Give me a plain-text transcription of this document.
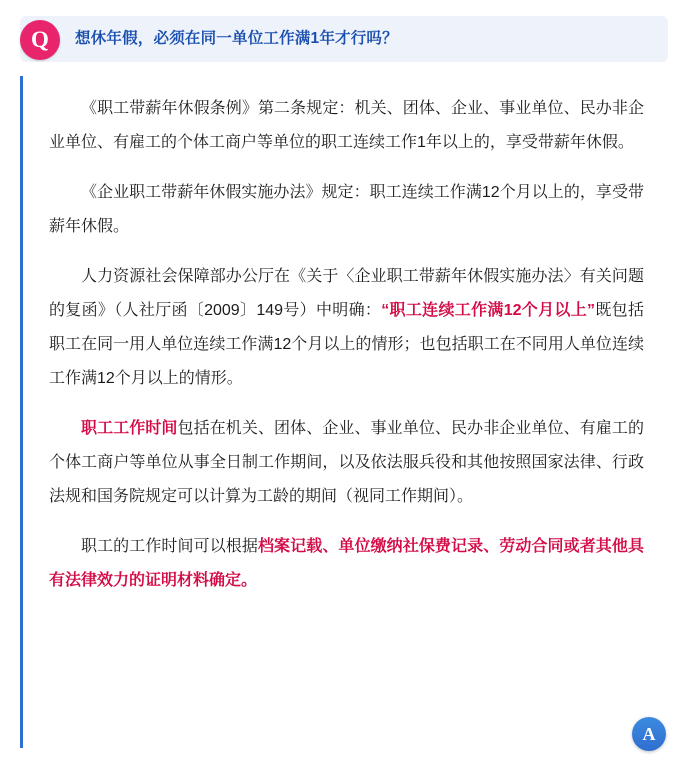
Q	想休年假，必须在同一单位工作满1年才行吗？

《职工带薪年休假条例》第二条规定：机关、团体、企业、事业单位、民办非企业单位、有雇工的个体工商户等单位的职工连续工作1年以上的，享受带薪年休假。

《企业职工带薪年休假实施办法》规定：职工连续工作满12个月以上的，享受带薪年休假。

人力资源社会保障部办公厅在《关于〈企业职工带薪年休假实施办法〉有关问题的复函》（人社厅函〔2009〕149号）中明确：“职工连续工作满12个月以上”既包括职工在同一用人单位连续工作满12个月以上的情形；也包括职工在不同用人单位连续工作满12个月以上的情形。

职工工作时间包括在机关、团体、企业、事业单位、民办非企业单位、有雇工的个体工商户等单位从事全日制工作期间，以及依法服兵役和其他按照国家法律、行政法规和国务院规定可以计算为工龄的期间（视同工作期间）。

职工的工作时间可以根据档案记载、单位缴纳社保费记录、劳动合同或者其他具有法律效力的证明材料确定。

A
